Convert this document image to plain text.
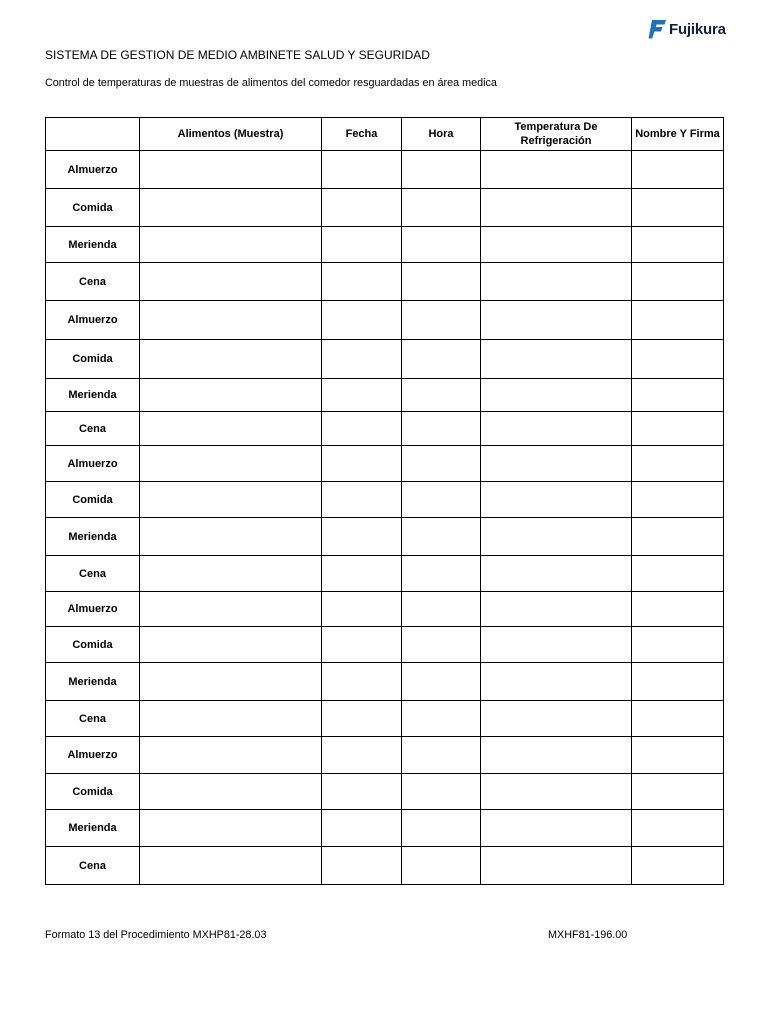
Fujikura
SISTEMA DE GESTION DE MEDIO AMBINETE SALUD Y SEGURIDAD
Control de temperaturas de muestras de alimentos del comedor resguardadas en área medica
	Alimentos (Muestra)	Fecha	Hora	Temperatura De Refrigeración	Nombre Y Firma
Almuerzo					
Comida					
Merienda					
Cena					
Almuerzo					
Comida					
Merienda					
Cena					
Almuerzo					
Comida					
Merienda					
Cena					
Almuerzo					
Comida					
Merienda					
Cena					
Almuerzo					
Comida					
Merienda					
Cena					
Formato 13 del Procedimiento MXHP81-28.03	MXHF81-196.00
